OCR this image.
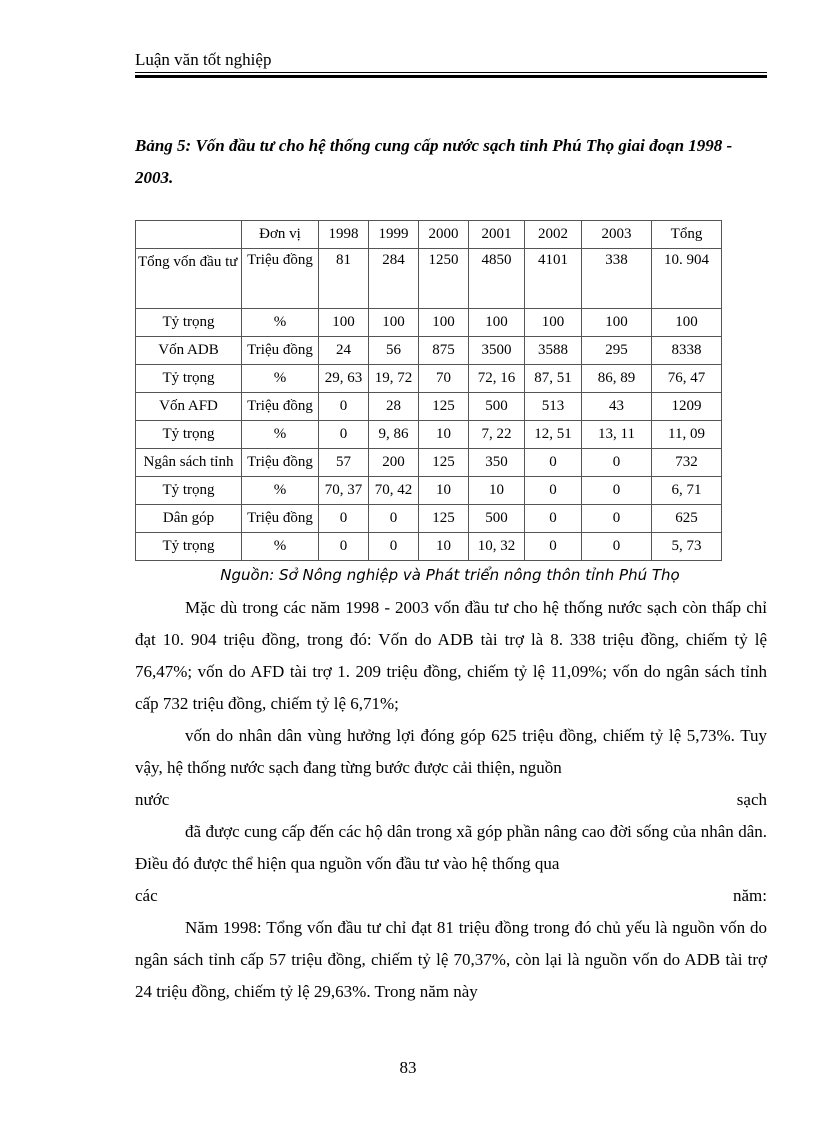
Luận văn tốt nghiệp
Bảng 5: Vốn đầu tư cho hệ thống cung cấp nước sạch tỉnh Phú Thọ giai đoạn 1998 - 2003.
	Đơn vị	1998	1999	2000	2001	2002	2003	Tổng
Tổng vốn đầu tư	Triệu đồng	81	284	1250	4850	4101	338	10. 904
Tỷ trọng	%	100	100	100	100	100	100	100
Vốn ADB	Triệu đồng	24	56	875	3500	3588	295	8338
Tỷ trọng	%	29, 63	19, 72	70	72, 16	87, 51	86, 89	76, 47
Vốn AFD	Triệu đồng	0	28	125	500	513	43	1209
Tỷ trọng	%	0	9, 86	10	7, 22	12, 51	13, 11	11, 09
Ngân sách tỉnh	Triệu đồng	57	200	125	350	0	0	732
Tỷ trọng	%	70, 37	70, 42	10	10	0	0	6, 71
Dân góp	Triệu đồng	0	0	125	500	0	0	625
Tỷ trọng	%	0	0	10	10, 32	0	0	5, 73
Nguồn: Sở Nông nghiệp và Phát triển nông thôn tỉnh Phú Thọ

Mặc dù trong các năm 1998 - 2003 vốn đầu tư cho hệ thống nước sạch còn thấp chỉ đạt 10. 904 triệu đồng, trong đó: Vốn do ADB tài trợ là 8. 338 triệu đồng, chiếm tỷ lệ 76,47%; vốn do AFD tài trợ 1. 209 triệu đồng, chiếm tỷ lệ 11,09%; vốn do ngân sách tỉnh cấp 732 triệu đồng, chiếm tỷ lệ 6,71%;

vốn do nhân dân vùng hưởng lợi đóng góp 625 triệu đồng, chiếm tỷ lệ 5,73%. Tuy vậy, hệ thống nước sạch đang từng bước được cải thiện, nguồn

nước	sạch

đã được cung cấp đến các hộ dân trong xã góp phần nâng cao đời sống của nhân dân. Điều đó được thể hiện qua nguồn vốn đầu tư vào hệ thống qua

các	năm:

Năm 1998: Tổng vốn đầu tư chỉ đạt 81 triệu đồng trong đó chủ yếu là nguồn vốn do ngân sách tỉnh cấp 57 triệu đồng, chiếm tỷ lệ 70,37%, còn lại là nguồn vốn do ADB tài trợ 24 triệu đồng, chiếm tỷ lệ 29,63%. Trong năm này

83
